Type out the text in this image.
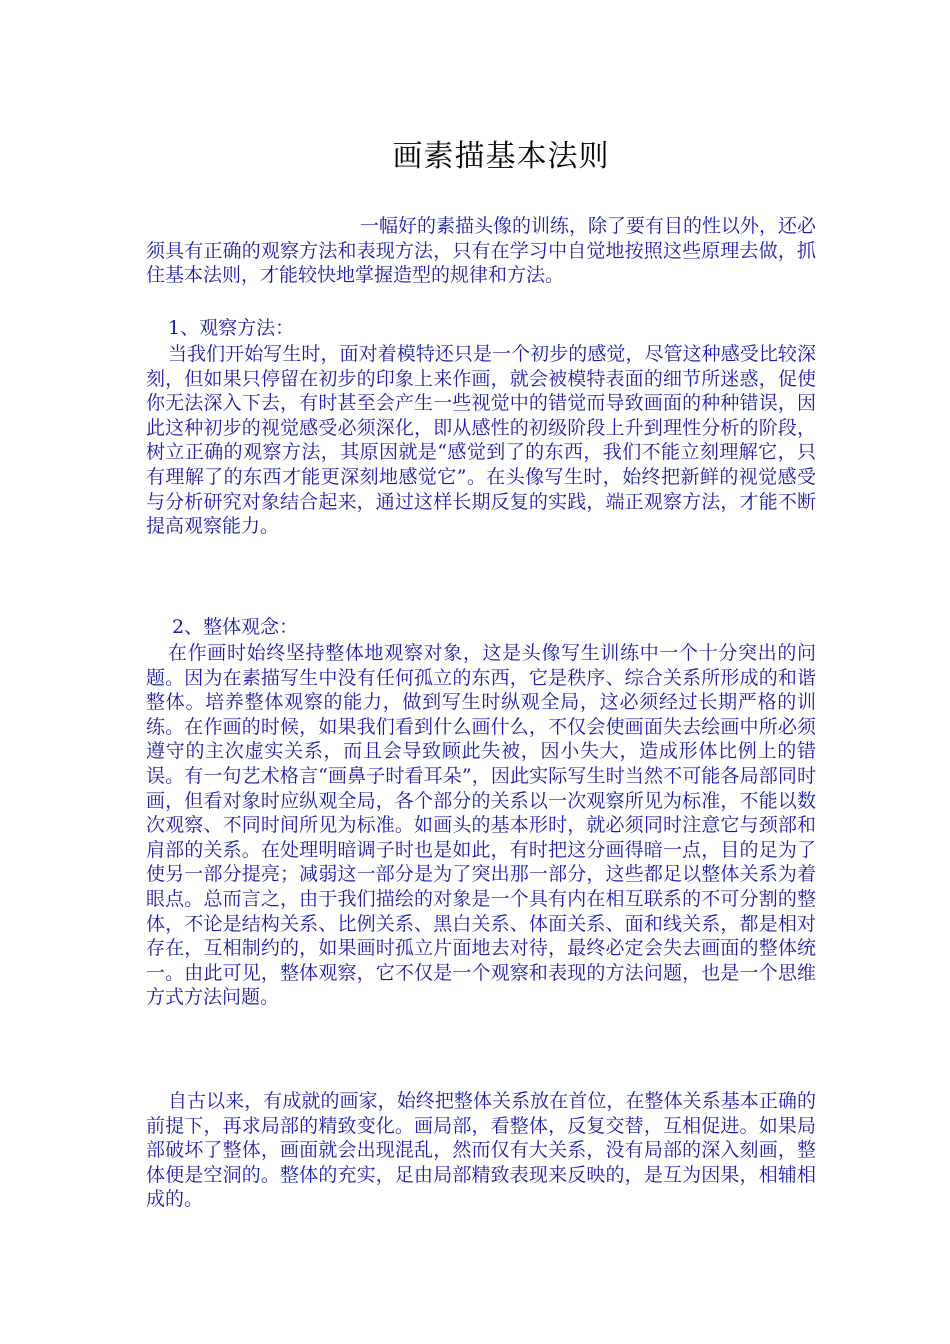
画素描基本法则

一幅好的素描头像的训练，除了要有目的性以外，还必须具有正确的观察方法和表现方法，只有在学习中自觉地按照这些原理去做，抓住基本法则，才能较快地掌握造型的规律和方法。

1、观察方法：

当我们开始写生时，面对着模特还只是一个初步的感觉，尽管这种感受比较深刻，但如果只停留在初步的印象上来作画，就会被模特表面的细节所迷惑，促使你无法深入下去，有时甚至会产生一些视觉中的错觉而导致画面的种种错误，因此这种初步的视觉感受必须深化，即从感性的初级阶段上升到理性分析的阶段，树立正确的观察方法，其原因就是“感觉到了的东西，我们不能立刻理解它，只有理解了的东西才能更深刻地感觉它”。在头像写生时，始终把新鲜的视觉感受与分析研究对象结合起来，通过这样长期反复的实践，端正观察方法，才能不断提高观察能力。

2、整体观念：

在作画时始终坚持整体地观察对象，这是头像写生训练中一个十分突出的问题。因为在素描写生中没有任何孤立的东西，它是秩序、综合关系所形成的和谐整体。培养整体观察的能力，做到写生时纵观全局，这必须经过长期严格的训练。在作画的时候，如果我们看到什么画什么，不仅会使画面失去绘画中所必须遵守的主次虚实关系，而且会导致顾此失被，因小失大，造成形体比例上的错误。有一句艺术格言“画鼻子时看耳朵”，因此实际写生时当然不可能各局部同时画，但看对象时应纵观全局，各个部分的关系以一次观察所见为标准，不能以数次观察、不同时间所见为标准。如画头的基本形时，就必须同时注意它与颈部和肩部的关系。在处理明暗调子时也是如此，有时把这分画得暗一点，目的足为了使另一部分提亮；减弱这一部分是为了突出那一部分，这些都足以整体关系为着眼点。总而言之，由于我们描绘的对象是一个具有内在相互联系的不可分割的整体，不论是结构关系、比例关系、黑白关系、体面关系、面和线关系，都是相对存在，互相制约的，如果画时孤立片面地去对待，最终必定会失去画面的整体统一。由此可见，整体观察，它不仅是一个观察和表现的方法问题，也是一个思维方式方法问题。

自古以来，有成就的画家，始终把整体关系放在首位，在整体关系基本正确的前提下，再求局部的精致变化。画局部，看整体，反复交替，互相促进。如果局部破坏了整体，画面就会出现混乱，然而仅有大关系，没有局部的深入刻画，整体便是空洞的。整体的充实，足由局部精致表现来反映的，是互为因果，相辅相成的。
